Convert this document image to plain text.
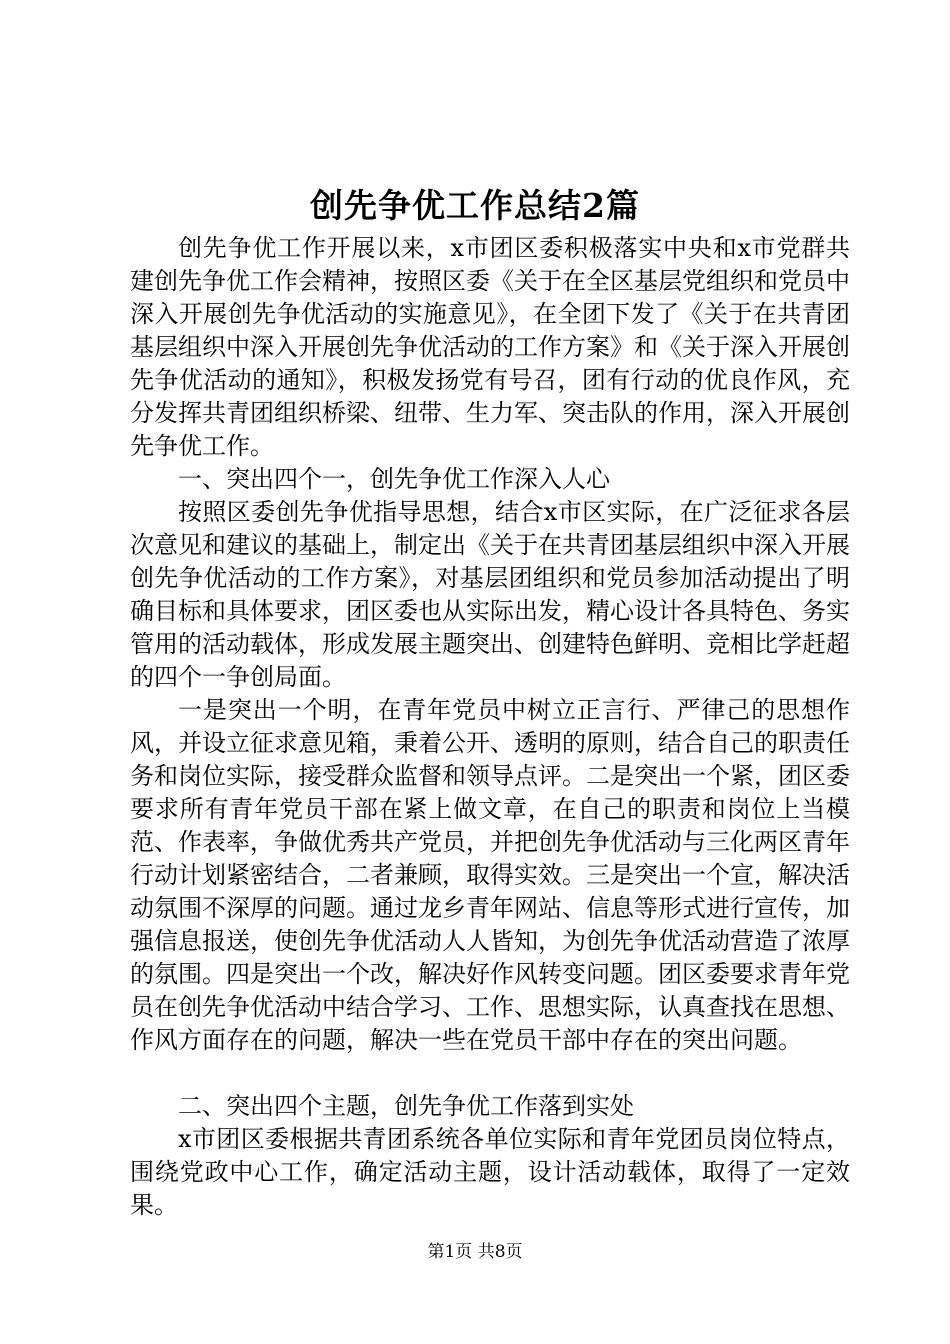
创先争优工作总结2篇

创先争优工作开展以来，x市团区委积极落实中央和x市党群共建创先争优工作会精神，按照区委《关于在全区基层党组织和党员中深入开展创先争优活动的实施意见》，在全团下发了《关于在共青团基层组织中深入开展创先争优活动的工作方案》和《关于深入开展创先争优活动的通知》，积极发扬党有号召，团有行动的优良作风，充分发挥共青团组织桥梁、纽带、生力军、突击队的作用，深入开展创先争优工作。

一、突出四个一，创先争优工作深入人心

按照区委创先争优指导思想，结合x市区实际，在广泛征求各层次意见和建议的基础上，制定出《关于在共青团基层组织中深入开展创先争优活动的工作方案》，对基层团组织和党员参加活动提出了明确目标和具体要求，团区委也从实际出发，精心设计各具特色、务实管用的活动载体，形成发展主题突出、创建特色鲜明、竞相比学赶超的四个一争创局面。

一是突出一个明，在青年党员中树立正言行、严律己的思想作风，并设立征求意见箱，秉着公开、透明的原则，结合自己的职责任务和岗位实际，接受群众监督和领导点评。二是突出一个紧，团区委要求所有青年党员干部在紧上做文章，在自己的职责和岗位上当模范、作表率，争做优秀共产党员，并把创先争优活动与三化两区青年行动计划紧密结合，二者兼顾，取得实效。三是突出一个宣，解决活动氛围不深厚的问题。通过龙乡青年网站、信息等形式进行宣传，加强信息报送，使创先争优活动人人皆知，为创先争优活动营造了浓厚的氛围。四是突出一个改，解决好作风转变问题。团区委要求青年党员在创先争优活动中结合学习、工作、思想实际，认真查找在思想、作风方面存在的问题，解决一些在党员干部中存在的突出问题。

二、突出四个主题，创先争优工作落到实处

x市团区委根据共青团系统各单位实际和青年党团员岗位特点，围绕党政中心工作，确定活动主题，设计活动载体，取得了一定效果。

第1页 共8页
